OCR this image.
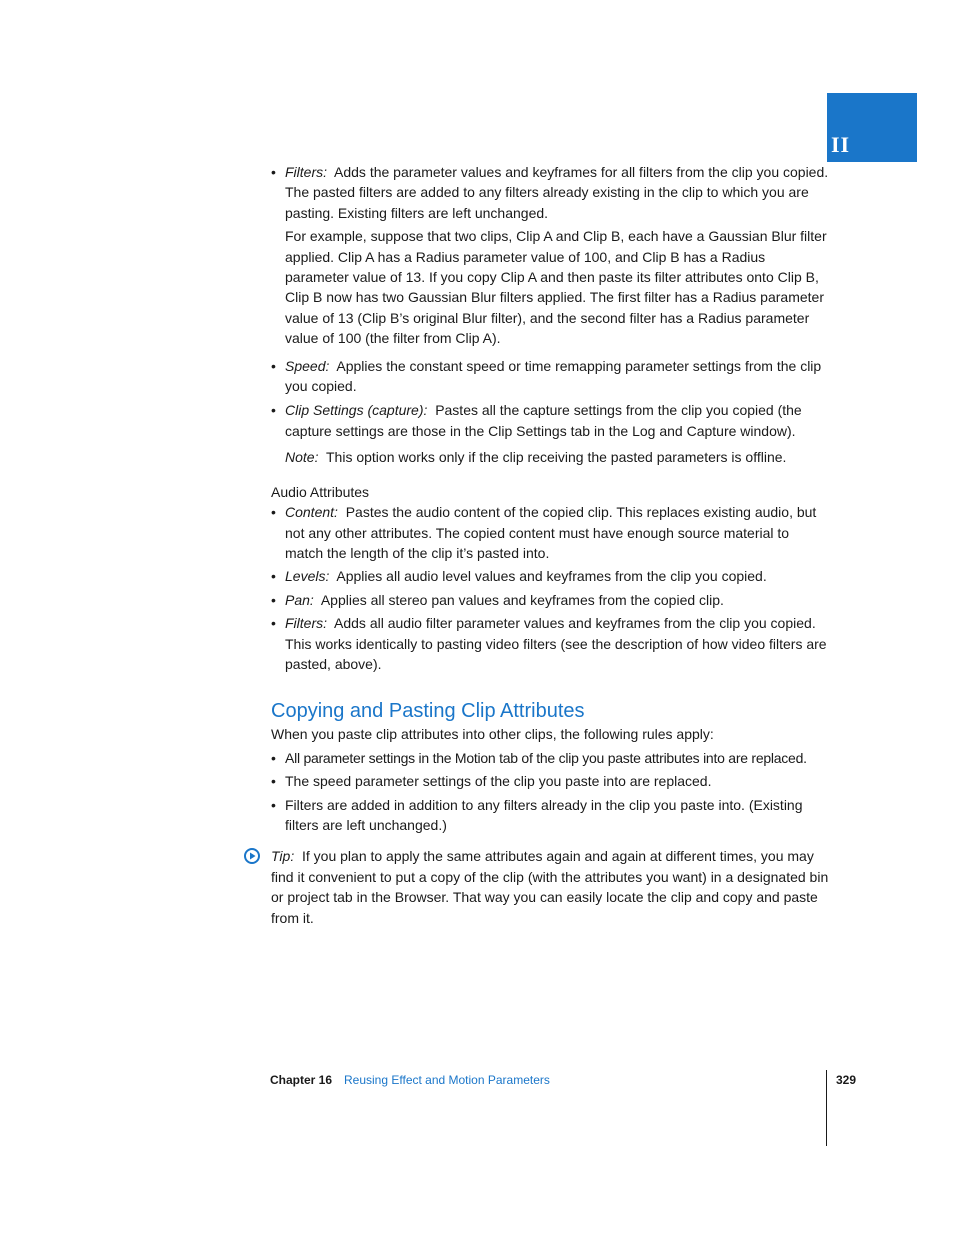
II

• Filters: Adds the parameter values and keyframes for all filters from the clip you copied. The pasted filters are added to any filters already existing in the clip to which you are pasting. Existing filters are left unchanged.

For example, suppose that two clips, Clip A and Clip B, each have a Gaussian Blur filter applied. Clip A has a Radius parameter value of 100, and Clip B has a Radius parameter value of 13. If you copy Clip A and then paste its filter attributes onto Clip B, Clip B now has two Gaussian Blur filters applied. The first filter has a Radius parameter value of 13 (Clip B’s original Blur filter), and the second filter has a Radius parameter value of 100 (the filter from Clip A).

• Speed: Applies the constant speed or time remapping parameter settings from the clip you copied.

• Clip Settings (capture): Pastes all the capture settings from the clip you copied (the capture settings are those in the Clip Settings tab in the Log and Capture window).

Note: This option works only if the clip receiving the pasted parameters is offline.

Audio Attributes

• Content: Pastes the audio content of the copied clip. This replaces existing audio, but not any other attributes. The copied content must have enough source material to match the length of the clip it’s pasted into.

• Levels: Applies all audio level values and keyframes from the clip you copied.

• Pan: Applies all stereo pan values and keyframes from the copied clip.

• Filters: Adds all audio filter parameter values and keyframes from the clip you copied. This works identically to pasting video filters (see the description of how video filters are pasted, above).

Copying and Pasting Clip Attributes

When you paste clip attributes into other clips, the following rules apply:

• All parameter settings in the Motion tab of the clip you paste attributes into are replaced.

• The speed parameter settings of the clip you paste into are replaced.

• Filters are added in addition to any filters already in the clip you paste into. (Existing filters are left unchanged.)

Tip: If you plan to apply the same attributes again and again at different times, you may find it convenient to put a copy of the clip (with the attributes you want) in a designated bin or project tab in the Browser. That way you can easily locate the clip and copy and paste from it.

Chapter 16 Reusing Effect and Motion Parameters	329
